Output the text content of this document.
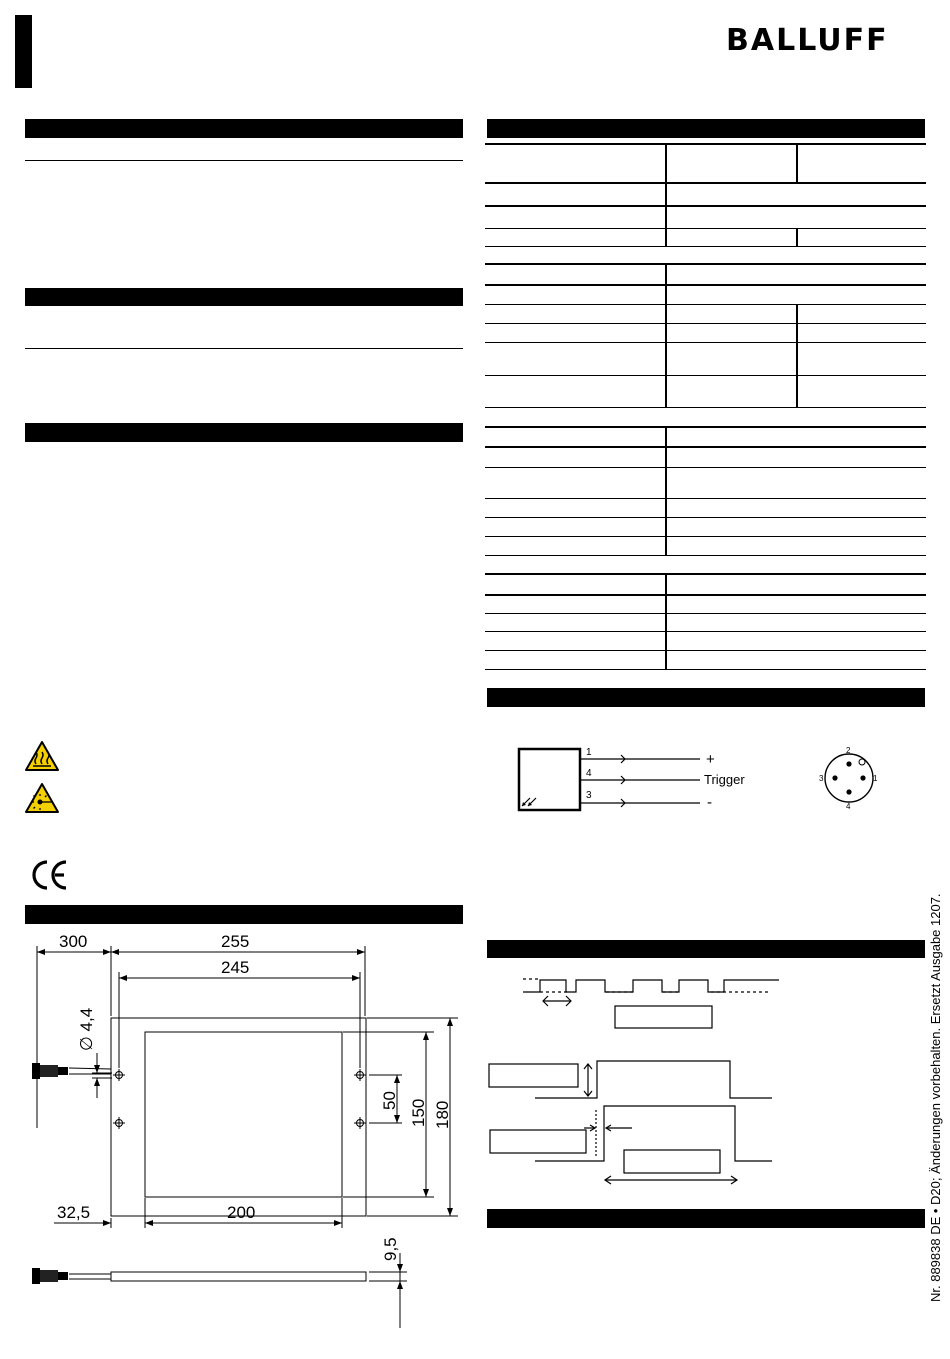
BALLUFF
1
4
3
+
Trigger
-
2
3	1
4
300	255
245
32,5	200
∅ 4,4
50 150 180
9,5	Nr. 889838 DE • D20; Änderungen vorbehalten. Ersetzt Ausgabe 1207.
